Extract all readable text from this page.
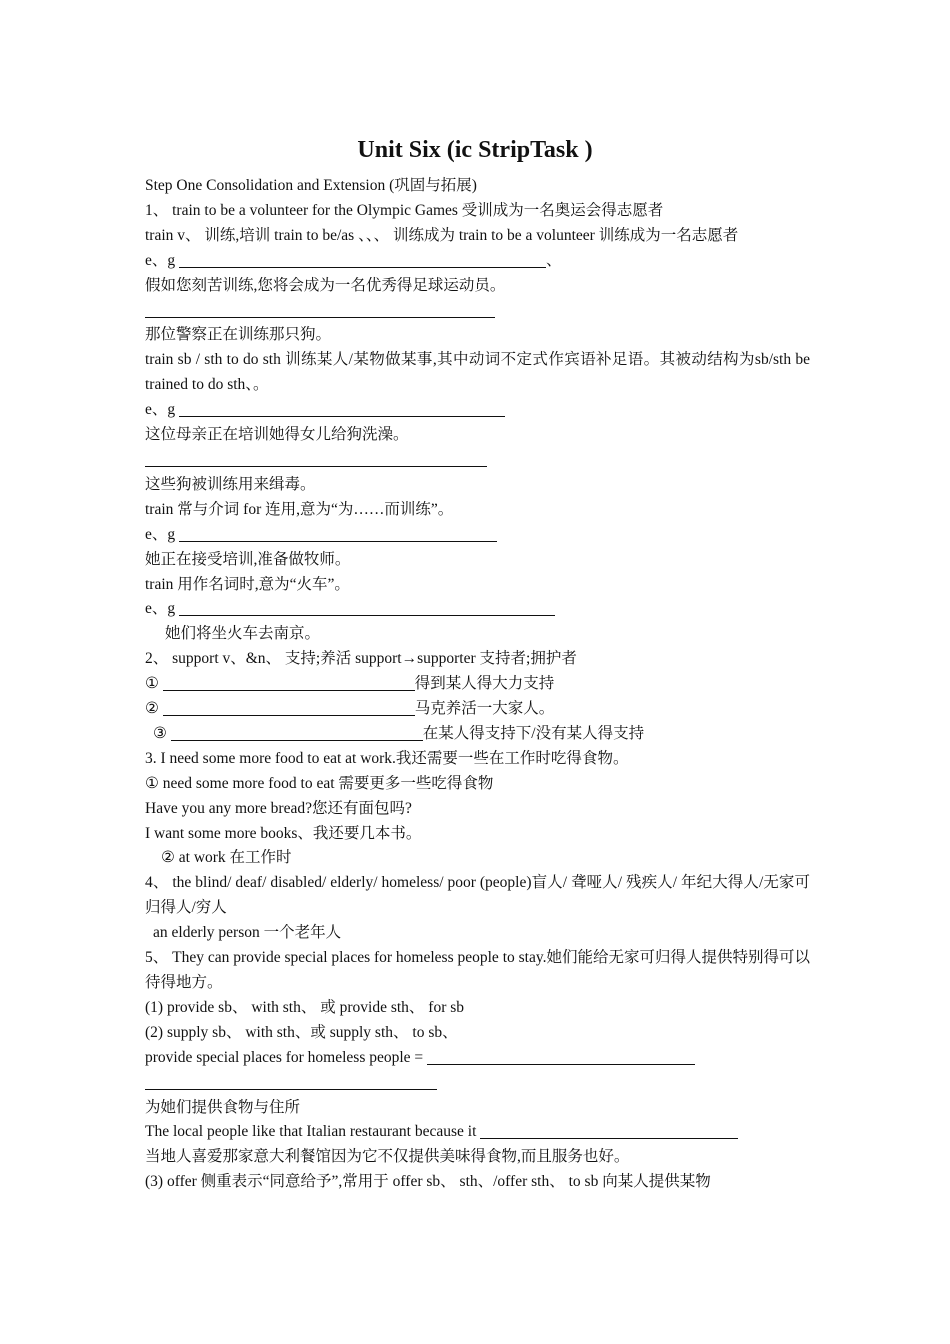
Unit Six (ic StripTask )
Step One Consolidation and Extension (巩固与拓展)
1、 train to be a volunteer for the Olympic Games 受训成为一名奥运会得志愿者
train v、 训练,培训 train to be/as 、、、 训练成为 train to be a volunteer 训练成为一名志愿者
e、g	、
假如您刻苦训练,您将会成为一名优秀得足球运动员。
那位警察正在训练那只狗。
train sb / sth to do sth 训练某人/某物做某事,其中动词不定式作宾语补足语。其被动结构为sb/sth be trained to do sth、。
e、g
这位母亲正在培训她得女儿给狗洗澡。
这些狗被训练用来缉毒。
train 常与介词 for 连用,意为“为……而训练”。
e、g
她正在接受培训,准备做牧师。
train 用作名词时,意为“火车”。
e、g
她们将坐火车去南京。
2、 support v、&n、 支持;养活 support→supporter 支持者;拥护者
①	得到某人得大力支持
②	马克养活一大家人。
③	在某人得支持下/没有某人得支持
3. I need some more food to eat at work.我还需要一些在工作时吃得食物。
① need some more food to eat 需要更多一些吃得食物
Have you any more bread?您还有面包吗?
I want some more books、我还要几本书。
② at work 在工作时
4、 the blind/ deaf/ disabled/ elderly/ homeless/ poor (people)盲人/ 聋哑人/ 残疾人/ 年纪大得人/无家可归得人/穷人
an elderly person 一个老年人
5、 They can provide special places for homeless people to stay.她们能给无家可归得人提供特别得可以待得地方。
(1) provide sb、 with sth、 或 provide sth、 for sb
(2) supply sb、 with sth、或 supply sth、 to sb、
provide special places for homeless people =
为她们提供食物与住所
The local people like that Italian restaurant because it
当地人喜爱那家意大利餐馆因为它不仅提供美味得食物,而且服务也好。
(3) offer 侧重表示“同意给予”,常用于 offer sb、 sth、/offer sth、 to sb 向某人提供某物
